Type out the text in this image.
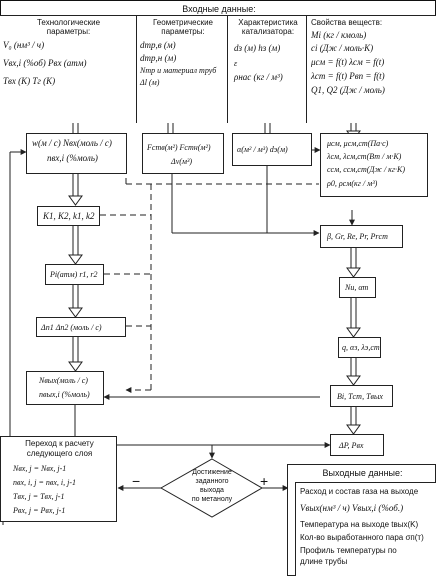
Входные данные:
Технологические
параметры:
V₀ (нм³ / ч)
Vвх,i (%об) Pвх (атм)
Tвх (K) Tг (K)
Геометрические
параметры:
dтр,в (м)
dтр,н (м)
Nтр и материал труб
Δl (м)
Характеристика
катализатора:
dз (м) hз (м)
ε
ρнас (кг / м³)
Свойства веществ:
Mi (кг / кмоль)
ci (Дж / моль·K)
μсм = f(t) λсм = f(t)
λст = f(t) Pвп = f(t)
Q1, Q2 (Дж / моль)
w(м / с) Nвх(моль / с)
nвх,i (%моль)
Fств(м²) Fстн(м²)
Δv(м³)
α(м² / м³) dэ(м)
μсм, μсм,ст(Па·с)
λсм, λсм,ст(Вт / м·K)
cсм, cсм,ст(Дж / кг·K)
ρ0, ρсм(кг / м³)
K1, K2, k1, k2
β, Gr, Re, Pr, Prст
Pi(атм) r1, r2
Nu, αт
Δn1 Δn2 (моль / с)
q, αз, λэ,ст
Nвых(моль / с)
nвых,i (%моль)	Bi, Tст, Tвых
ΔP, Pвх
Переход к расчету
следующего слоя
Nвх, j = Nвх, j-1
nвх, i, j = nвх, i, j-1
Tвх, j = Tвх, j-1
Pвх, j = Pвх, j-1
Достижение
заданного
выхода
по метанолу
−	+	Выходные данные:
Расход и состав газа на выходе
Vвых(нм³ / ч) Vвых,i (%об.)
Температура на выходе tвых(K)
Кол-во выработанного пара σп(т)
Профиль температуры по
длине трубы
